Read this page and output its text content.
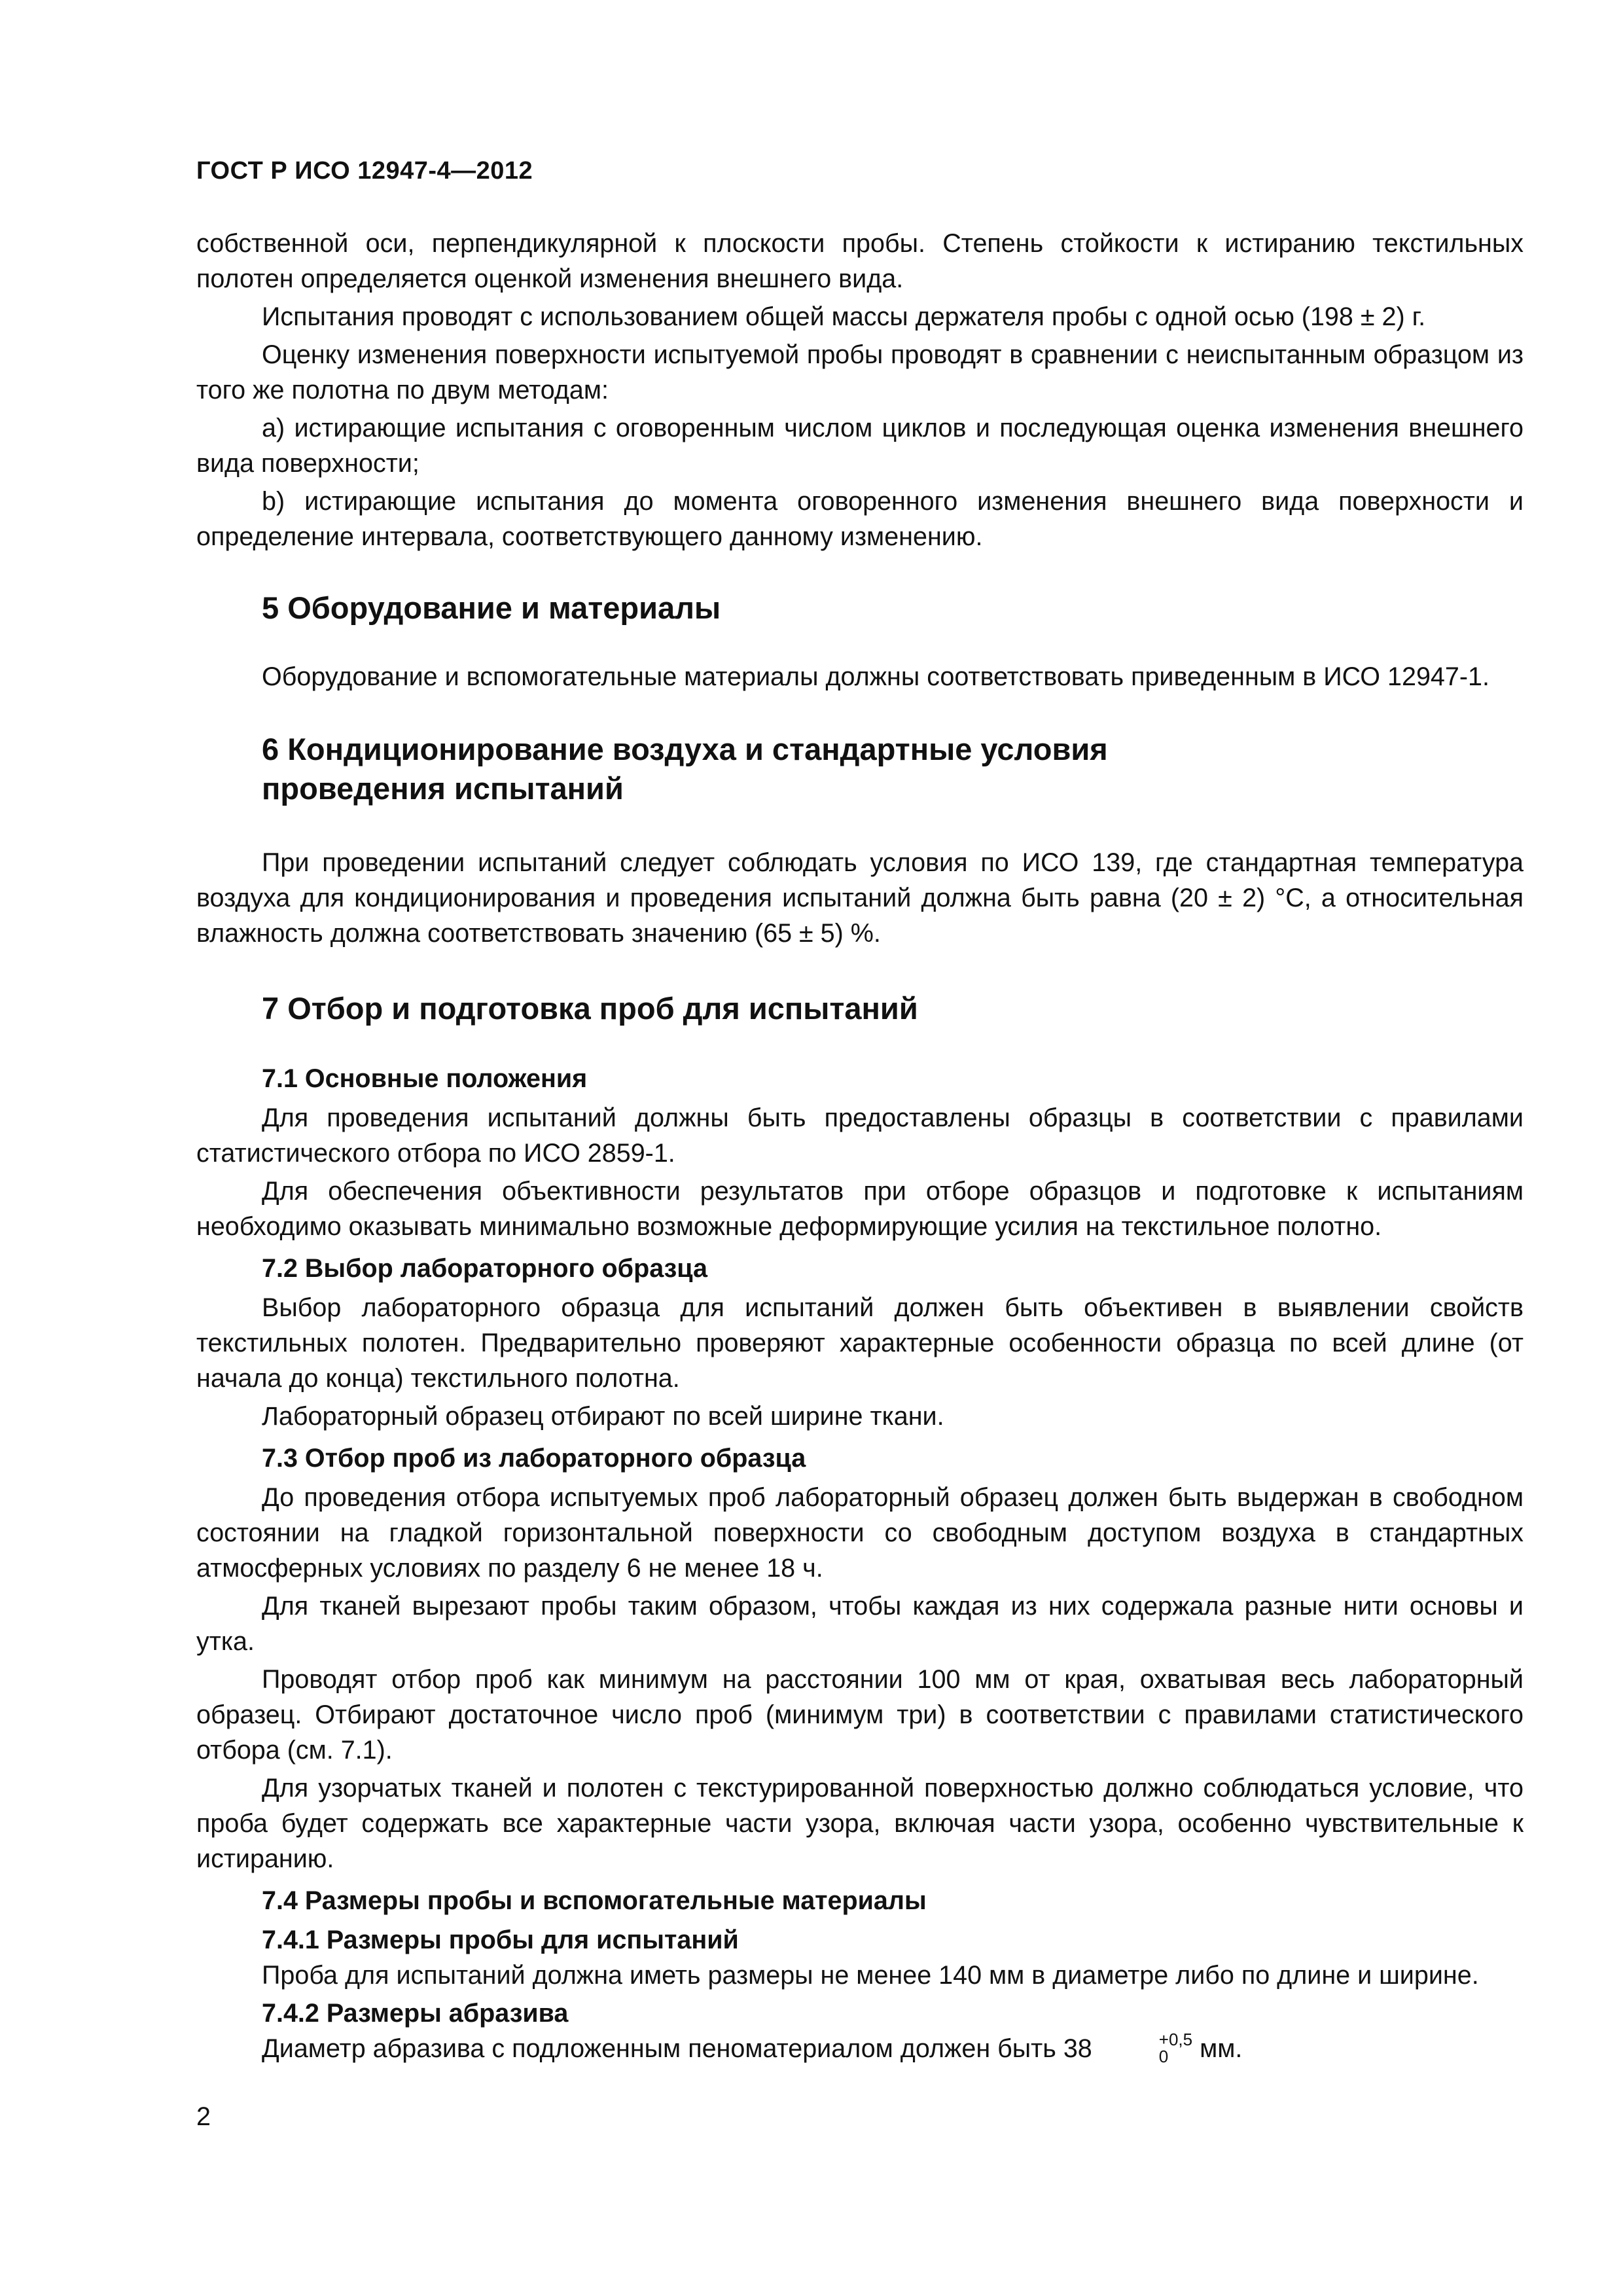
ГОСТ Р ИСО 12947-4—2012

собственной оси, перпендикулярной к плоскости пробы. Степень стойкости к истиранию текстильных полотен определяется оценкой изменения внешнего вида.

Испытания проводят с использованием общей массы держателя пробы с одной осью (198 ± 2) г.

Оценку изменения поверхности испытуемой пробы проводят в сравнении с неиспытанным образцом из того же полотна по двум методам:

a) истирающие испытания с оговоренным числом циклов и последующая оценка изменения внешнего вида поверхности;

b) истирающие испытания до момента оговоренного изменения внешнего вида поверхности и определение интервала, соответствующего данному изменению.

5 Оборудование и материалы

Оборудование и вспомогательные материалы должны соответствовать приведенным в ИСО 12947-1.

6 Кондиционирование воздуха и стандартные условия
проведения испытаний

При проведении испытаний следует соблюдать условия по ИСО 139, где стандартная температура воздуха для кондиционирования и проведения испытаний должна быть равна (20 ± 2) °С, а относительная влажность должна соответствовать значению (65 ± 5) %.

7 Отбор и подготовка проб для испытаний
7.1 Основные положения

Для проведения испытаний должны быть предоставлены образцы в соответствии с правилами статистического отбора по ИСО 2859-1.

Для обеспечения объективности результатов при отборе образцов и подготовке к испытаниям необходимо оказывать минимально возможные деформирующие усилия на текстильное полотно.

7.2 Выбор лабораторного образца

Выбор лабораторного образца для испытаний должен быть объективен в выявлении свойств текстильных полотен. Предварительно проверяют характерные особенности образца по всей длине (от начала до конца) текстильного полотна.

Лабораторный образец отбирают по всей ширине ткани.

7.3 Отбор проб из лабораторного образца

До проведения отбора испытуемых проб лабораторный образец должен быть выдержан в свободном состоянии на гладкой горизонтальной поверхности со свободным доступом воздуха в стандартных атмосферных условиях по разделу 6 не менее 18 ч.

Для тканей вырезают пробы таким образом, чтобы каждая из них содержала разные нити основы и утка.

Проводят отбор проб как минимум на расстоянии 100 мм от края, охватывая весь лабораторный образец. Отбирают достаточное число проб (минимум три) в соответствии с правилами статистического отбора (см. 7.1).

Для узорчатых тканей и полотен с текстурированной поверхностью должно соблюдаться условие, что проба будет содержать все характерные части узора, включая части узора, особенно чувствительные к истиранию.

7.4 Размеры пробы и вспомогательные материалы
7.4.1 Размеры пробы для испытаний

Проба для испытаний должна иметь размеры не менее 140 мм в диаметре либо по длине и ширине.

7.4.2 Размеры абразива

Диаметр абразива с подложенным пеноматериалом должен быть 38	+0,5
0 мм.

2
